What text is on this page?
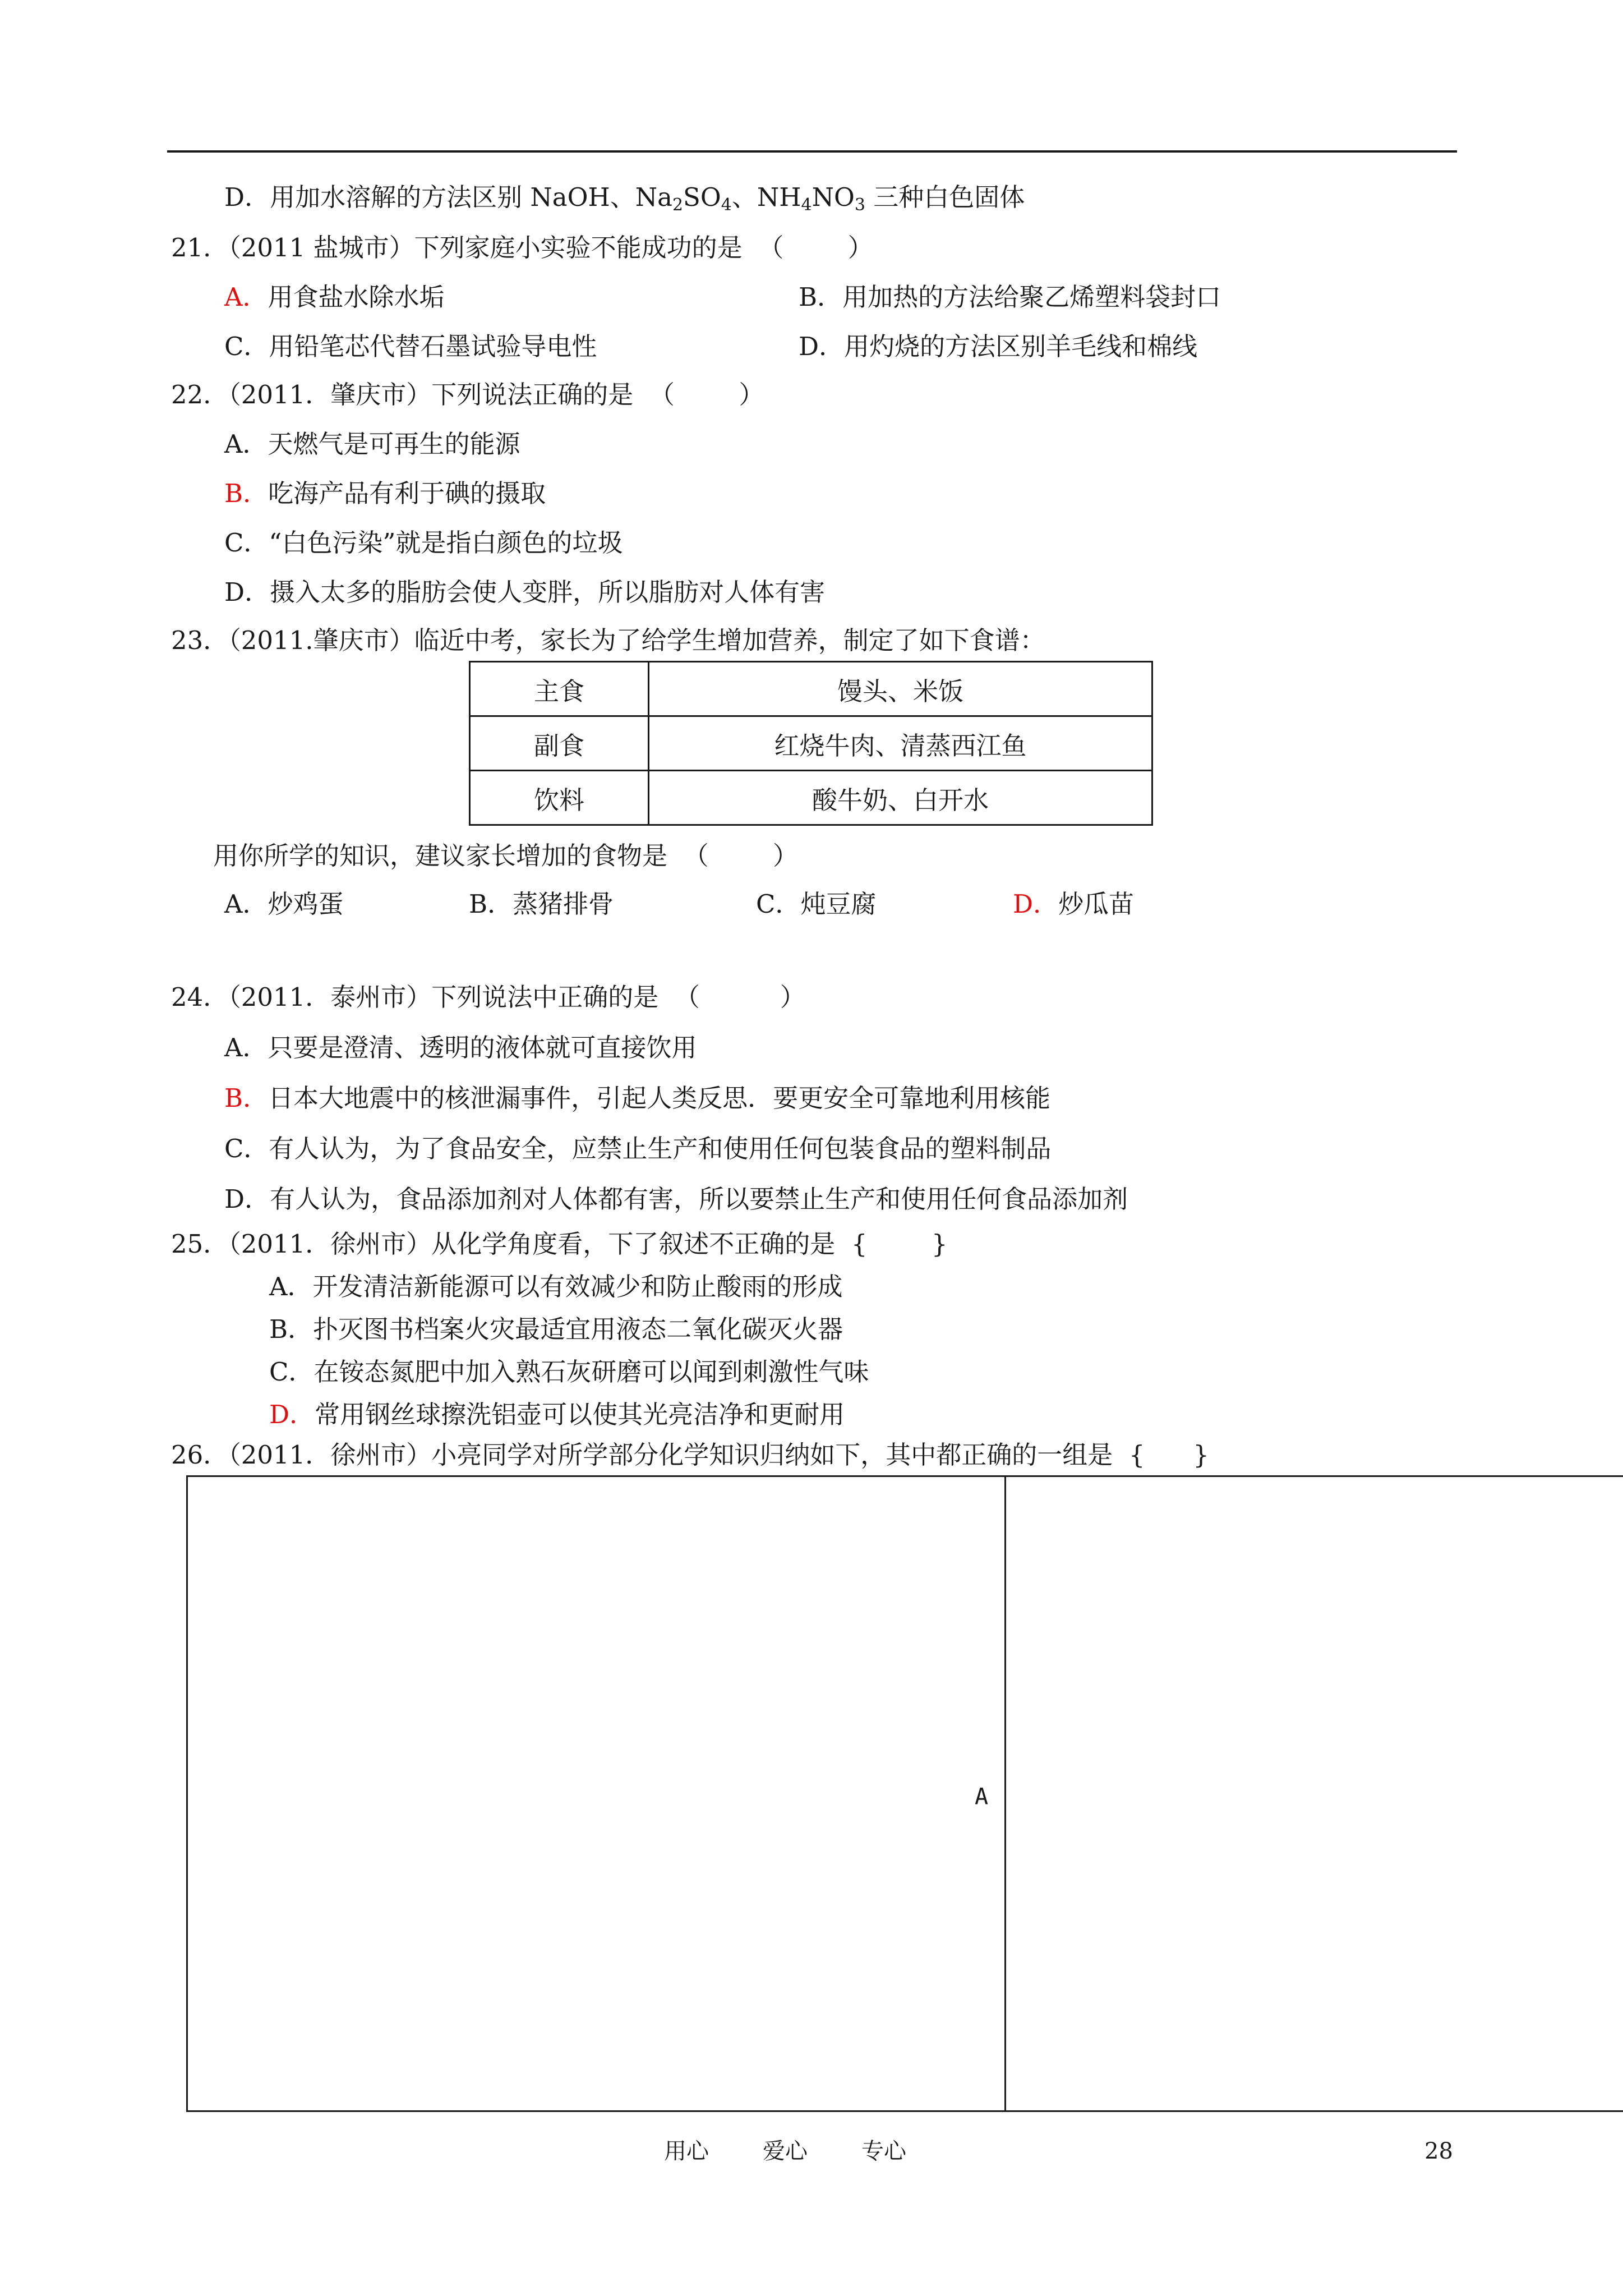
D．用加水溶解的方法区别 NaOH、$Na_2SO_4$、$NH_4NO_3$ 三种白色固体
21．（2011 盐城市）下列家庭小实验不能成功的是  （        ）
A．用食盐水除水垢	B．用加热的方法给聚乙烯塑料袋封口
C．用铅笔芯代替石墨试验导电性	D．用灼烧的方法区别羊毛线和棉线
22．（2011．肇庆市）下列说法正确的是  （        ）
A．天燃气是可再生的能源
B．吃海产品有利于碘的摄取
C．“白色污染”就是指白颜色的垃圾
D．摄入太多的脂肪会使人变胖，所以脂肪对人体有害
23．（2011.肇庆市）临近中考，家长为了给学生增加营养，制定了如下食谱：
主食	馒头、米饭
副食	红烧牛肉、清蒸西江鱼
饮料	酸牛奶、白开水
用你所学的知识，建议家长增加的食物是  （        ）
A．炒鸡蛋	B．蒸猪排骨	C．炖豆腐	D．炒瓜苗
24．（2011．泰州市）下列说法中正确的是  （          ）
A．只要是澄清、透明的液体就可直接饮用
B．日本大地震中的核泄漏事件，引起人类反思．要更安全可靠地利用核能
C．有人认为，为了食品安全，应禁止生产和使用任何包装食品的塑料制品
D．有人认为，食品添加剂对人体都有害，所以要禁止生产和使用任何食品添加剂
25．（2011．徐州市）从化学角度看，下了叙述不正确的是  {        }
A．开发清洁新能源可以有效减少和防止酸雨的形成
B．扑灭图书档案火灾最适宜用液态二氧化碳灭火器
C．在铵态氮肥中加入熟石灰研磨可以闻到刺激性气味
D．常用钢丝球擦洗铝壶可以使其光亮洁净和更耐用
26．（2011．徐州市）小亮同学对所学部分化学知识归纳如下，其中都正确的一组是  {      }
A
用心 爱心 专心	28
